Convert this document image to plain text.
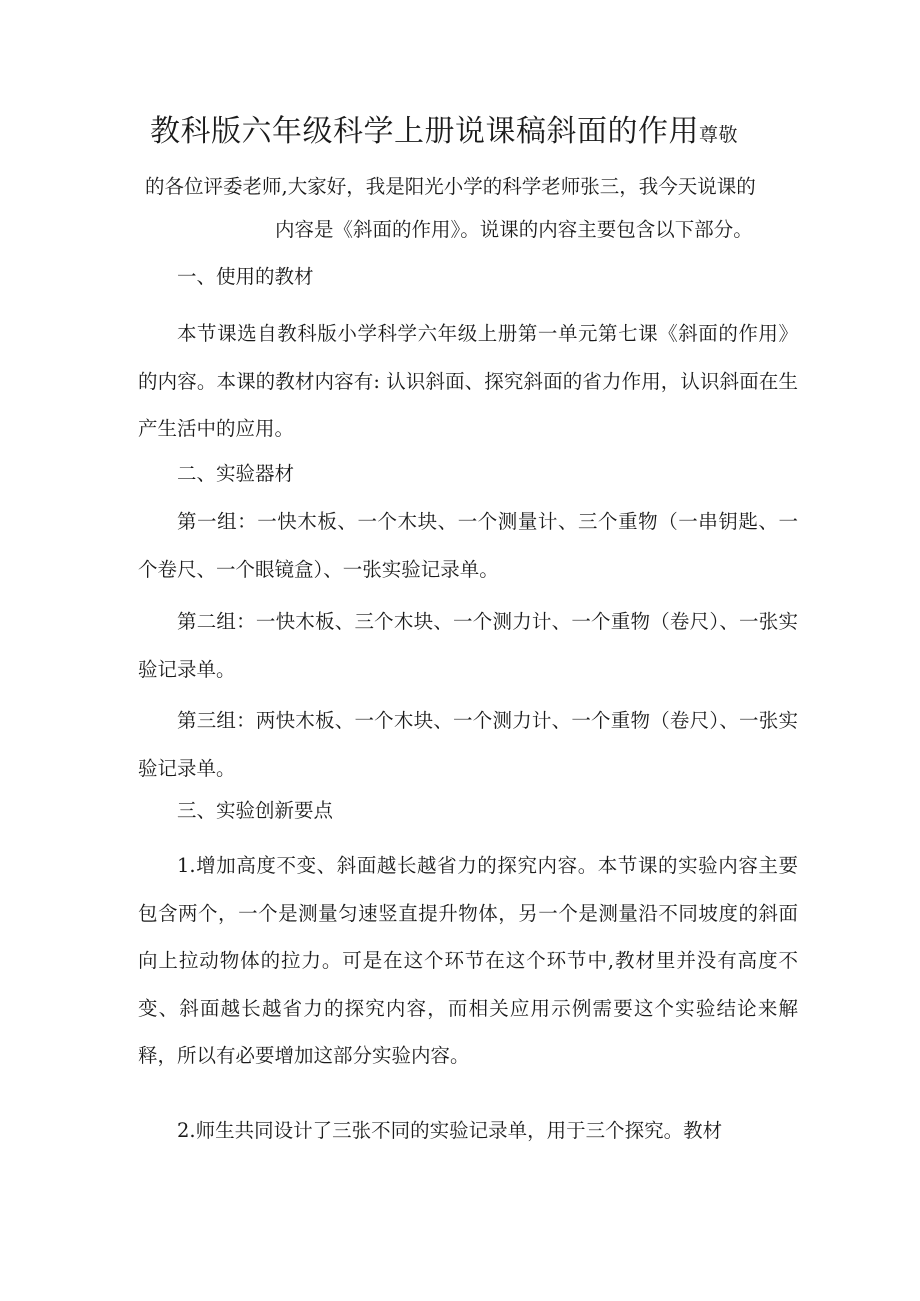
教科版六年级科学上册说课稿斜面的作用尊敬
的各位评委老师,大家好，我是阳光小学的科学老师张三，我今天说课的
内容是《斜面的作用》。说课的内容主要包含以下部分。
一、使用的教材

本节课选自教科版小学科学六年级上册第一单元第七课《斜面的作用》的内容。本课的教材内容有: 认识斜面、探究斜面的省力作用，认识斜面在生产生活中的应用。

二、实验器材

第一组：一快木板、一个木块、一个测量计、三个重物（一串钥匙、一个卷尺、一个眼镜盒）、一张实验记录单。

第二组：一快木板、三个木块、一个测力计、一个重物（卷尺）、一张实验记录单。

第三组：两快木板、一个木块、一个测力计、一个重物（卷尺）、一张实验记录单。

三、实验创新要点

1.增加高度不变、斜面越长越省力的探究内容。本节课的实验内容主要包含两个，一个是测量匀速竖直提升物体，另一个是测量沿不同坡度的斜面向上拉动物体的拉力。可是在这个环节在这个环节中,教材里并没有高度不变、斜面越长越省力的探究内容，而相关应用示例需要这个实验结论来解释，所以有必要增加这部分实验内容。

2.师生共同设计了三张不同的实验记录单，用于三个探究。教材
